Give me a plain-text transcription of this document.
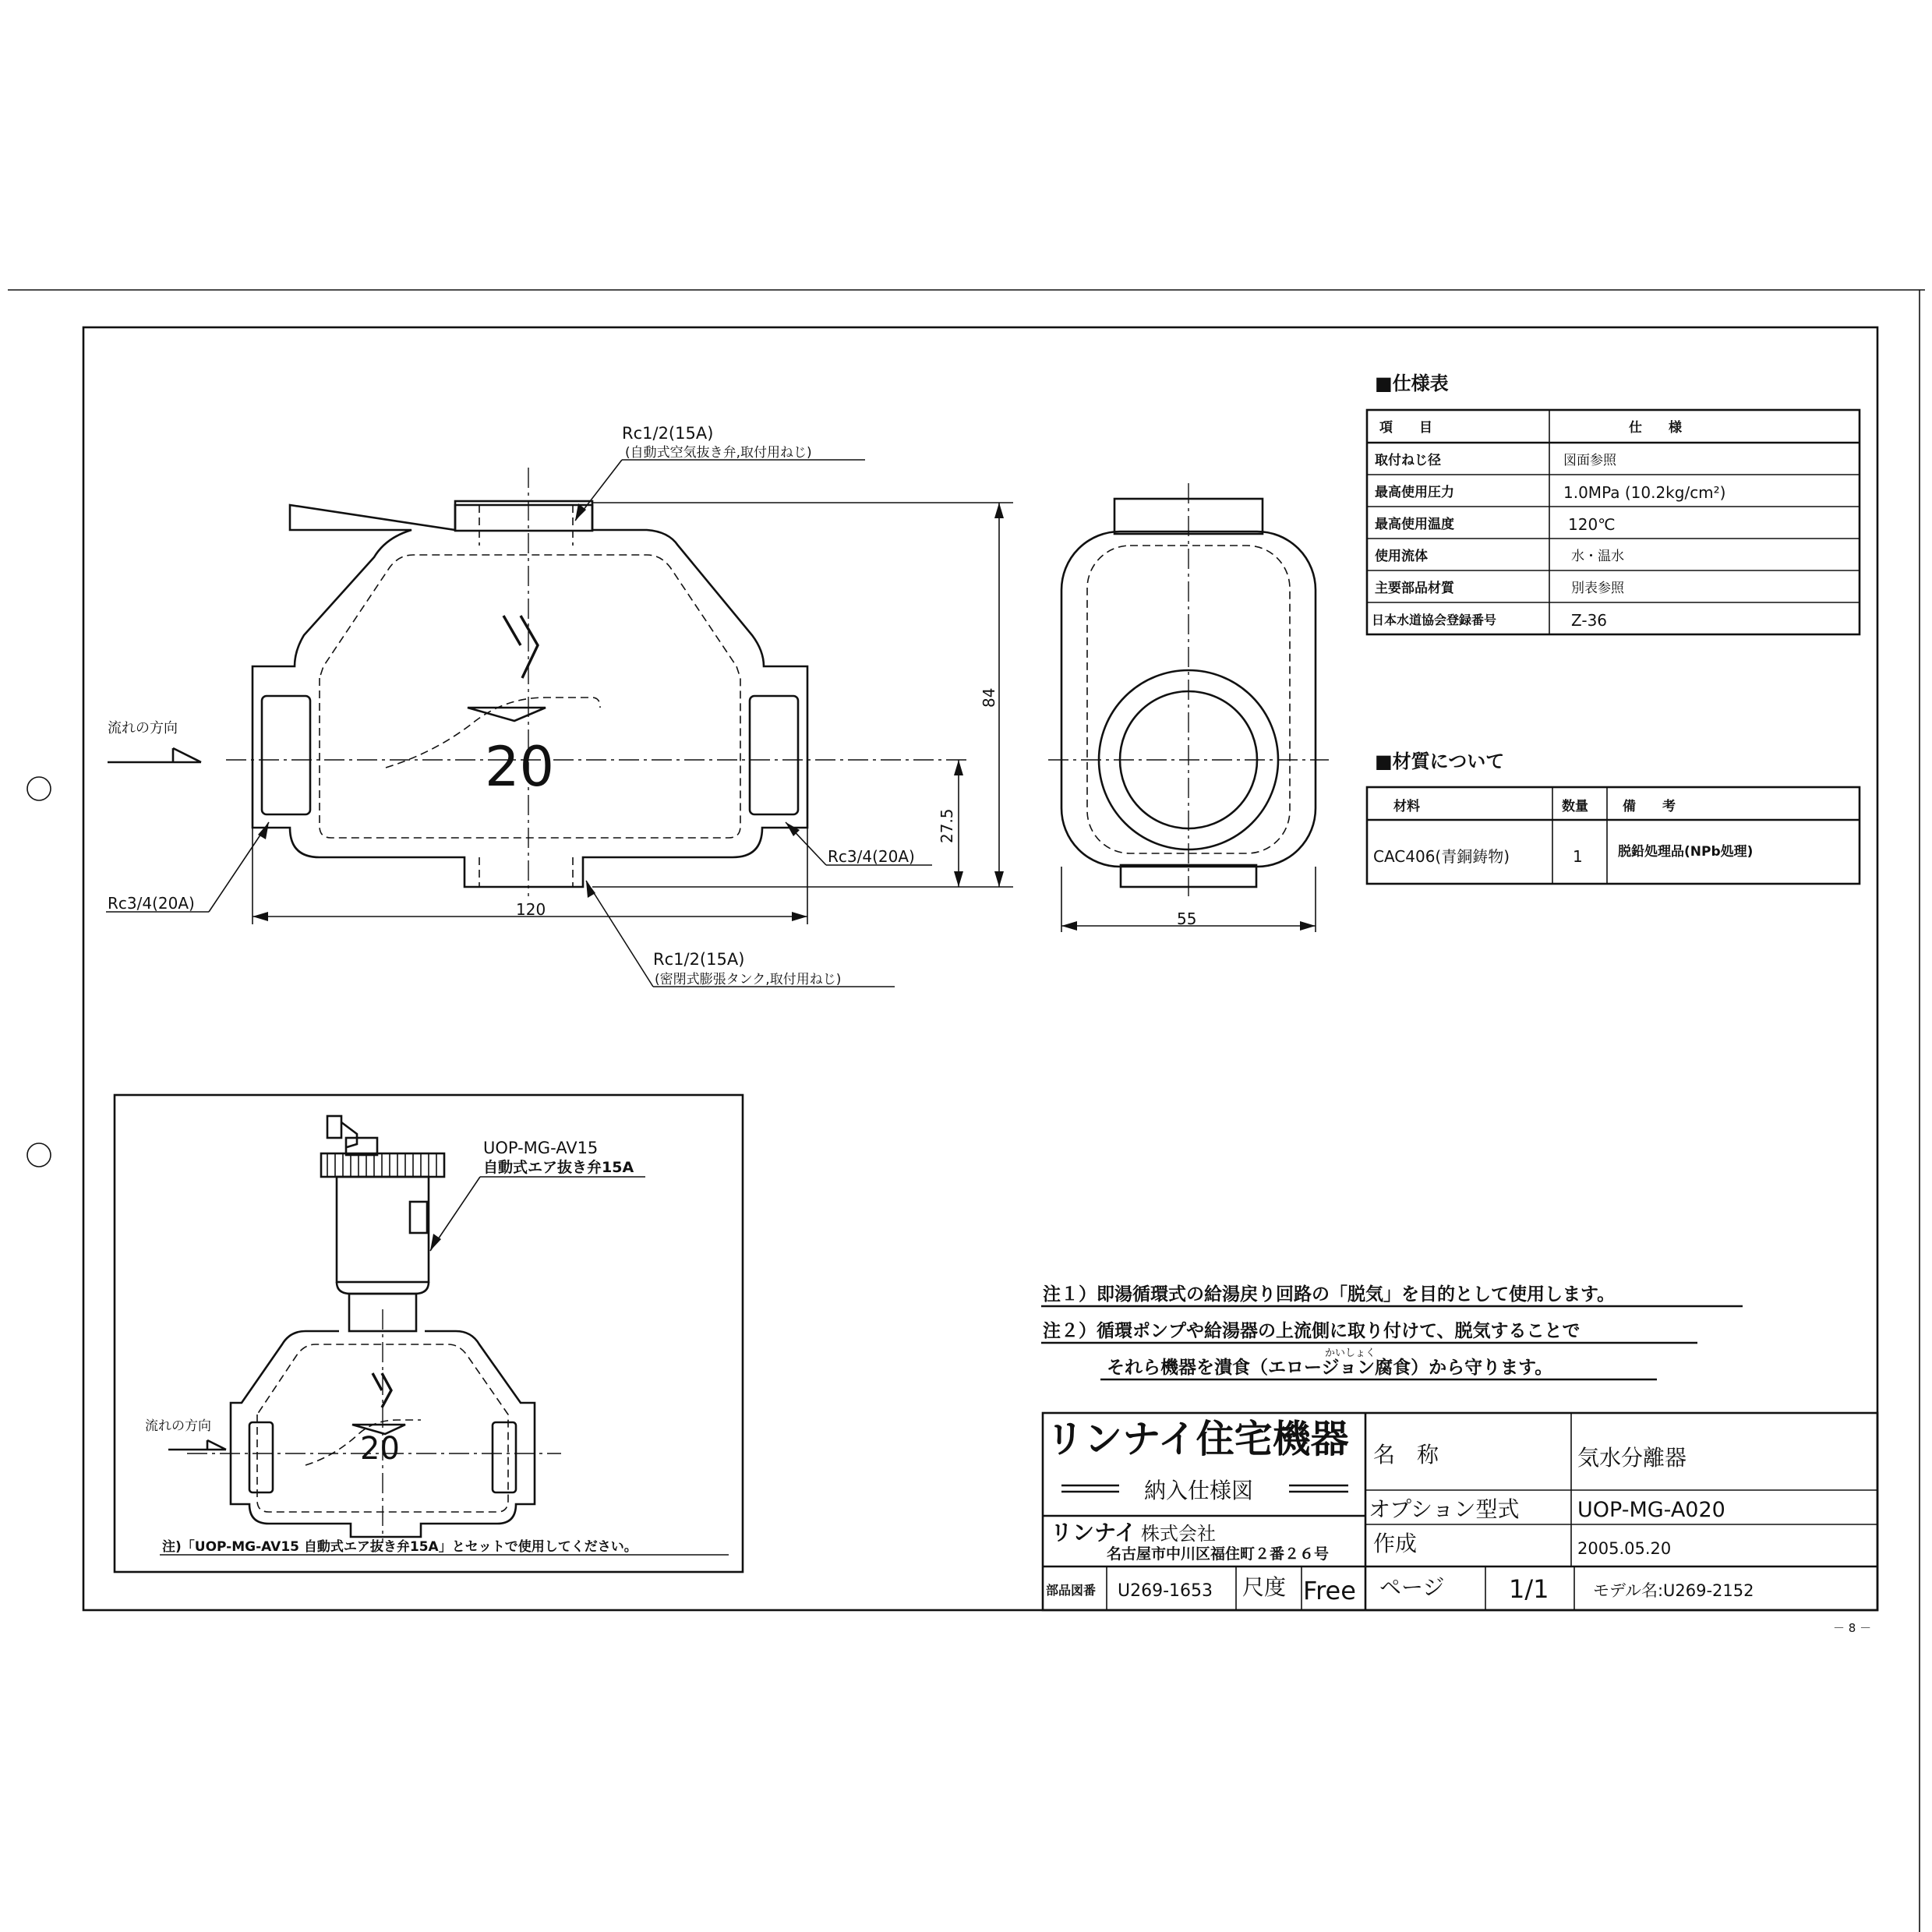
20
84
27.5
120
Rc1/2(15A)
(自動式空気抜き弁,取付用ねじ)
Rc1/2(15A)
(密閉式膨張タンク,取付用ねじ)
Rc3/4(20A)
Rc3/4(20A)
流れの方向
55
■仕様表
項　　目	仕　　様
取付ねじ径	図面参照
最高使用圧力	1.0MPa (10.2kg/cm²)
最高使用温度	120℃
使用流体	水・温水
主要部品材質	別表参照
日本水道協会登録番号	Z-36
■材質について
材料	数量	備　　考
CAC406(青銅鋳物)	1	脱鉛処理品(NPb処理)
20
UOP-MG-AV15
自動式エア抜き弁15A
流れの方向
注)「UOP-MG-AV15 自動式エア抜き弁15A」とセットで使用してください。
注１）即湯循環式の給湯戻り回路の「脱気」を目的として使用します。
注２）循環ポンプや給湯器の上流側に取り付けて、脱気することで
かいしょく
それら機器を潰食（エロージョン腐食）から守ります。
リンナイ住宅機器
納入仕様図
リンナイ 株式会社
名古屋市中川区福住町２番２６号
名　称	気水分離器
オプション型式	UOP-MG-A020
作成	2005.05.20
部品図番 U269-1653 尺度 Free ページ	1/1	モデル名:U269-2152
－ 8 －
